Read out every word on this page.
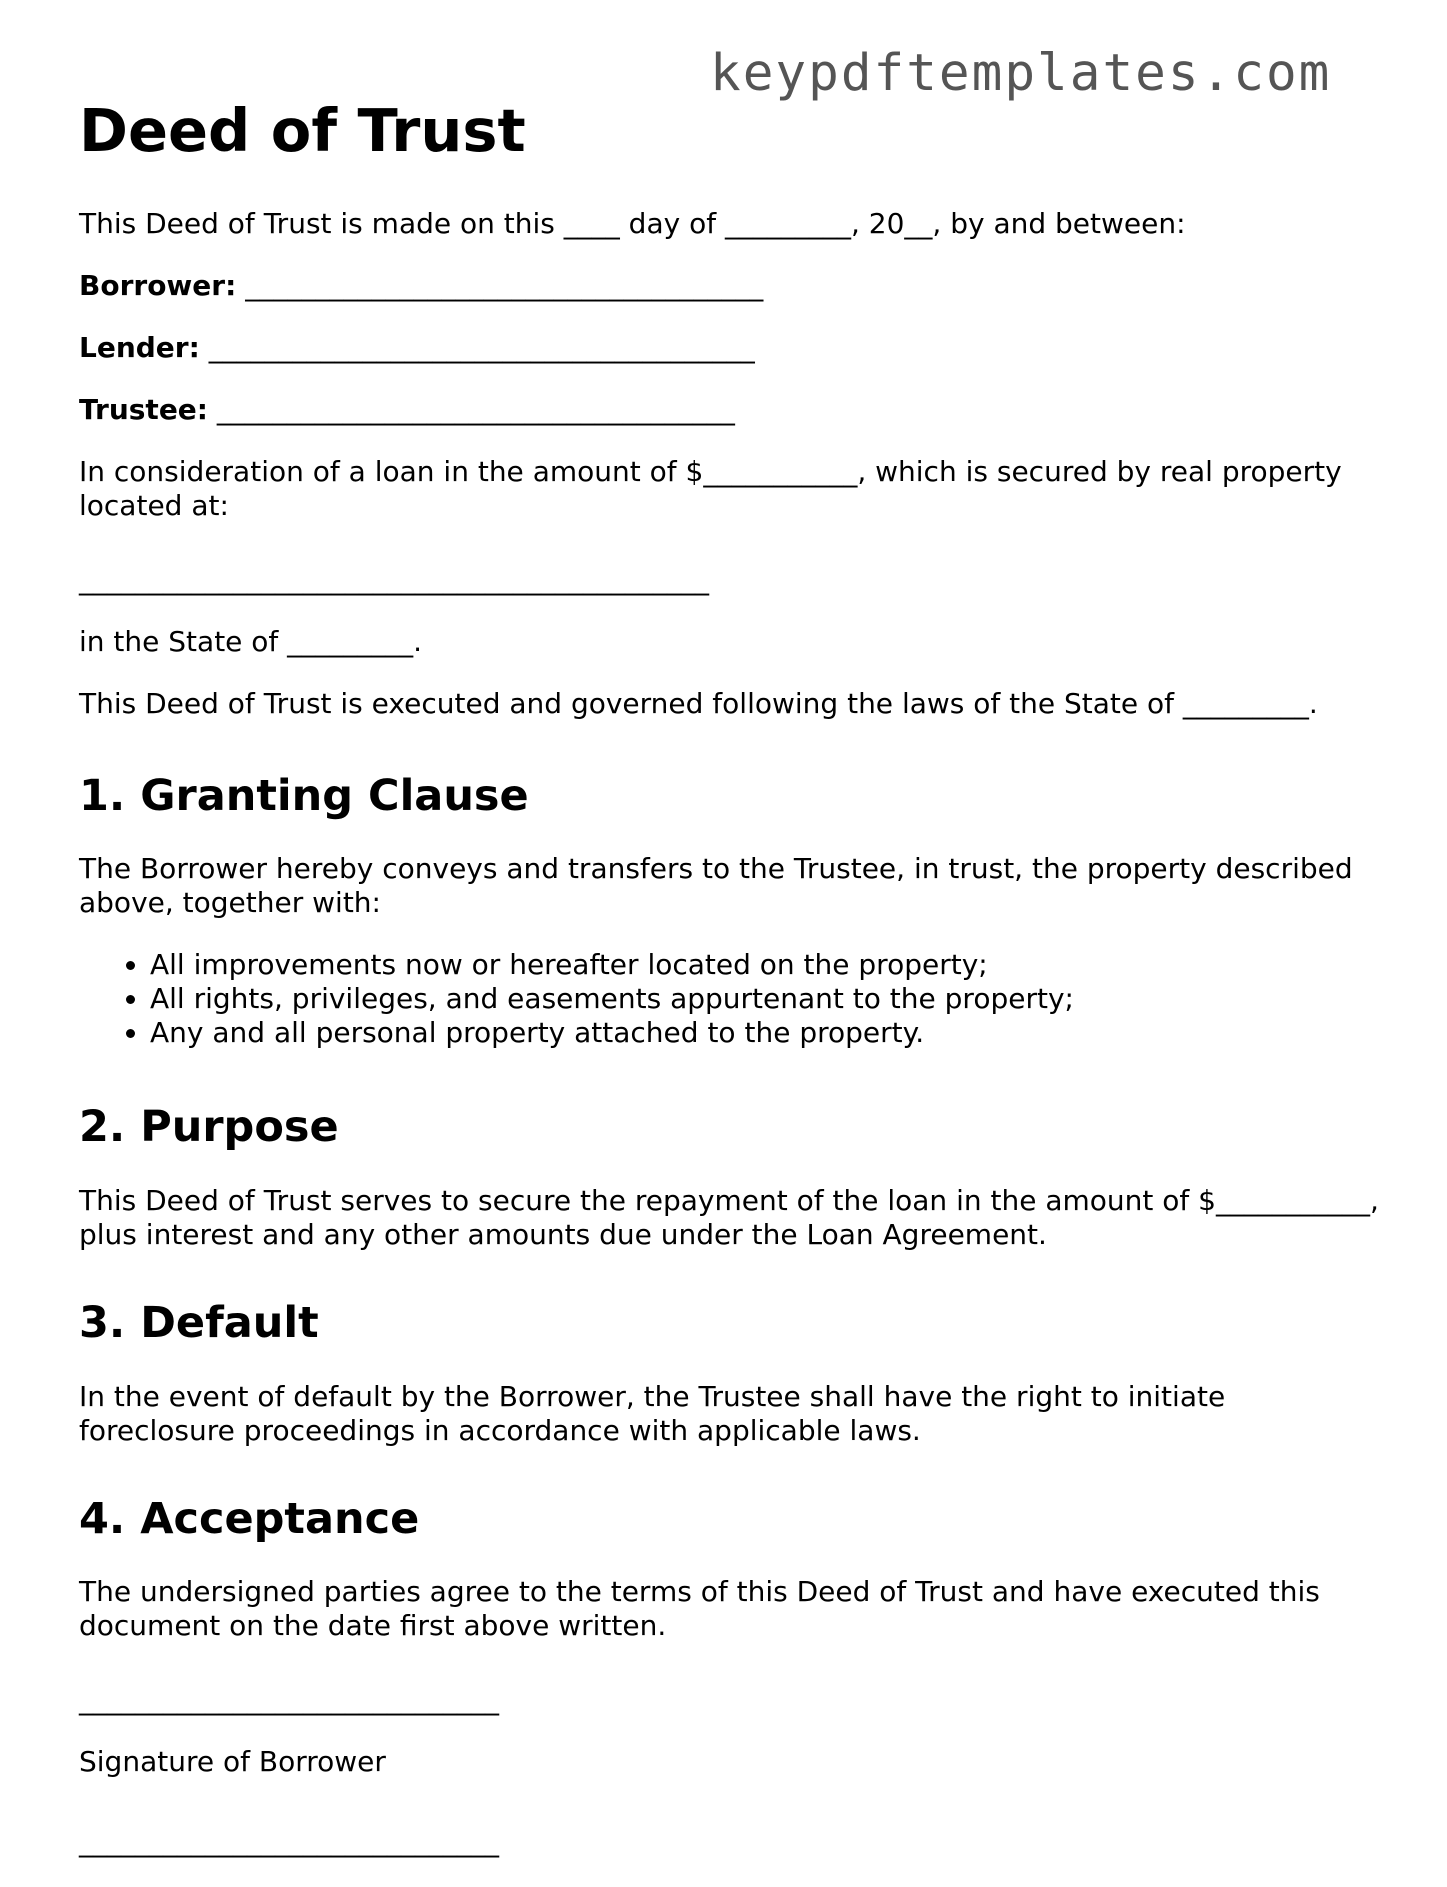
keypdftemplates.com
Deed of Trust

This Deed of Trust is made on this ____ day of _________, 20__, by and between:

Borrower: _____________________________________

Lender: _______________________________________

Trustee: _____________________________________

In consideration of a loan in the amount of $___________, which is secured by real property located at:

_____________________________________________

in the State of _________.

This Deed of Trust is executed and governed following the laws of the State of _________.

1. Granting Clause

The Borrower hereby conveys and transfers to the Trustee, in trust, the property described above, together with:

• All improvements now or hereafter located on the property;
• All rights, privileges, and easements appurtenant to the property;
• Any and all personal property attached to the property.
2. Purpose

This Deed of Trust serves to secure the repayment of the loan in the amount of $___________, plus interest and any other amounts due under the Loan Agreement.

3. Default

In the event of default by the Borrower, the Trustee shall have the right to initiate foreclosure proceedings in accordance with applicable laws.

4. Acceptance

The undersigned parties agree to the terms of this Deed of Trust and have executed this document on the date first above written.

______________________________

Signature of Borrower

______________________________
